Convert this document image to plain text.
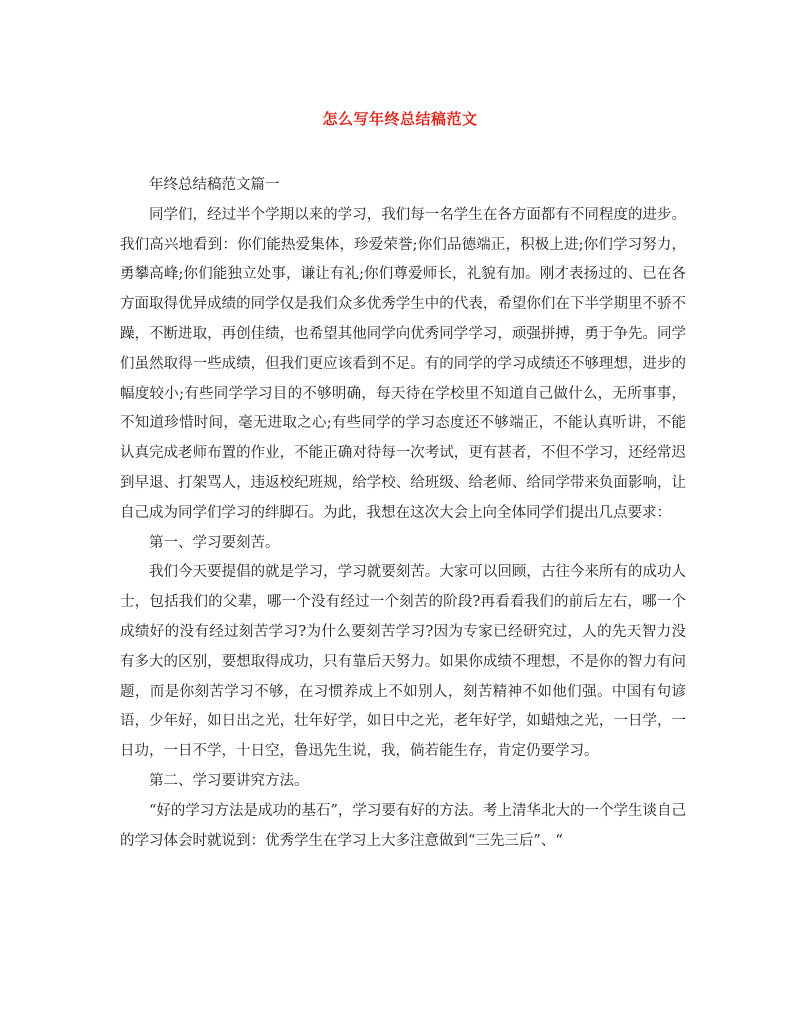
怎么写年终总结稿范文

年终总结稿范文篇一

同学们，经过半个学期以来的学习，我们每一名学生在各方面都有不同程度的进步。我们高兴地看到：你们能热爱集体，珍爱荣誉;你们品德端正，积极上进;你们学习努力，勇攀高峰;你们能独立处事，谦让有礼;你们尊爱师长，礼貌有加。刚才表扬过的、已在各方面取得优异成绩的同学仅是我们众多优秀学生中的代表，希望你们在下半学期里不骄不躁，不断进取，再创佳绩，也希望其他同学向优秀同学学习，顽强拼搏，勇于争先。同学们虽然取得一些成绩，但我们更应该看到不足。有的同学的学习成绩还不够理想，进步的幅度较小;有些同学学习目的不够明确，每天待在学校里不知道自己做什么，无所事事，不知道珍惜时间，毫无进取之心;有些同学的学习态度还不够端正，不能认真听讲，不能认真完成老师布置的作业，不能正确对待每一次考试，更有甚者，不但不学习，还经常迟到早退、打架骂人，违返校纪班规，给学校、给班级、给老师、给同学带来负面影响，让自己成为同学们学习的绊脚石。为此，我想在这次大会上向全体同学们提出几点要求：

第一、学习要刻苦。

我们今天要提倡的就是学习，学习就要刻苦。大家可以回顾，古往今来所有的成功人士，包括我们的父辈，哪一个没有经过一个刻苦的阶段?再看看我们的前后左右，哪一个成绩好的没有经过刻苦学习?为什么要刻苦学习?因为专家已经研究过，人的先天智力没有多大的区别，要想取得成功，只有靠后天努力。如果你成绩不理想，不是你的智力有问题，而是你刻苦学习不够，在习惯养成上不如别人，刻苦精神不如他们强。中国有句谚语，少年好，如日出之光，壮年好学，如日中之光，老年好学，如蜡烛之光，一日学，一日功，一日不学，十日空，鲁迅先生说，我，倘若能生存，肯定仍要学习。

第二、学习要讲究方法。

“好的学习方法是成功的基石”，学习要有好的方法。考上清华北大的一个学生谈自己的学习体会时就说到：优秀学生在学习上大多注意做到“三先三后”、“
